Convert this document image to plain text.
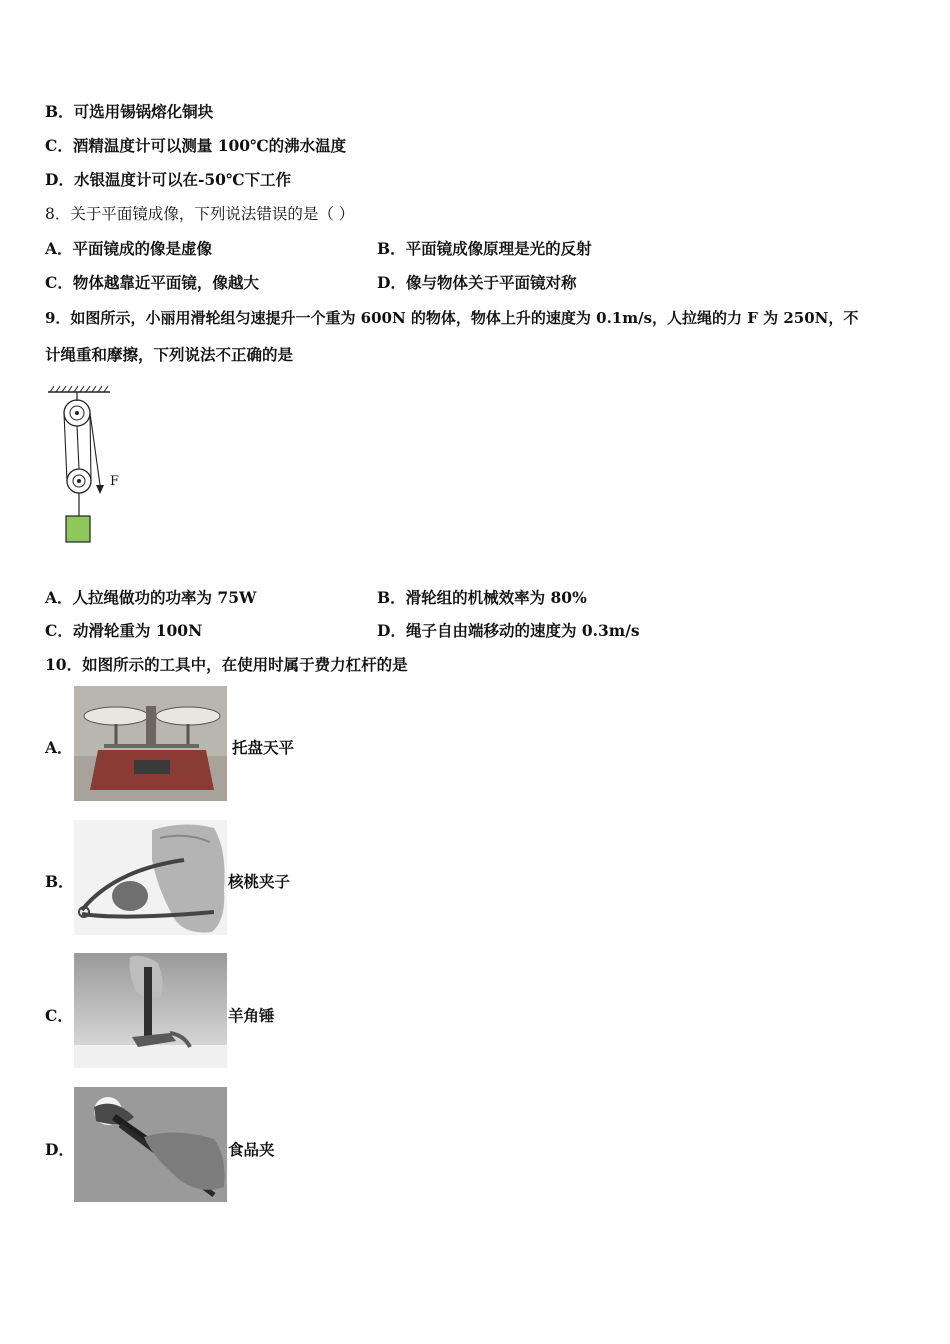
B．可选用锡锅熔化铜块
C．酒精温度计可以测量 100℃的沸水温度
D．水银温度计可以在-50℃下工作
8．关于平面镜成像，下列说法错误的是（ ）
A．平面镜成的像是虚像	B．平面镜成像原理是光的反射
C．物体越靠近平面镜，像越大	D．像与物体关于平面镜对称
9．如图所示，小丽用滑轮组匀速提升一个重为 600N 的物体，物体上升的速度为 0.1m/s，人拉绳的力 F 为 250N，不
计绳重和摩擦，下列说法不正确的是
F
A．人拉绳做功的功率为 75W	B．滑轮组的机械效率为 80%
C．动滑轮重为 100N	D．绳子自由端移动的速度为 0.3m/s
10．如图所示的工具中，在使用时属于费力杠杆的是
A．	托盘天平
B．	核桃夹子
C．	羊角锤
D．	食品夹
